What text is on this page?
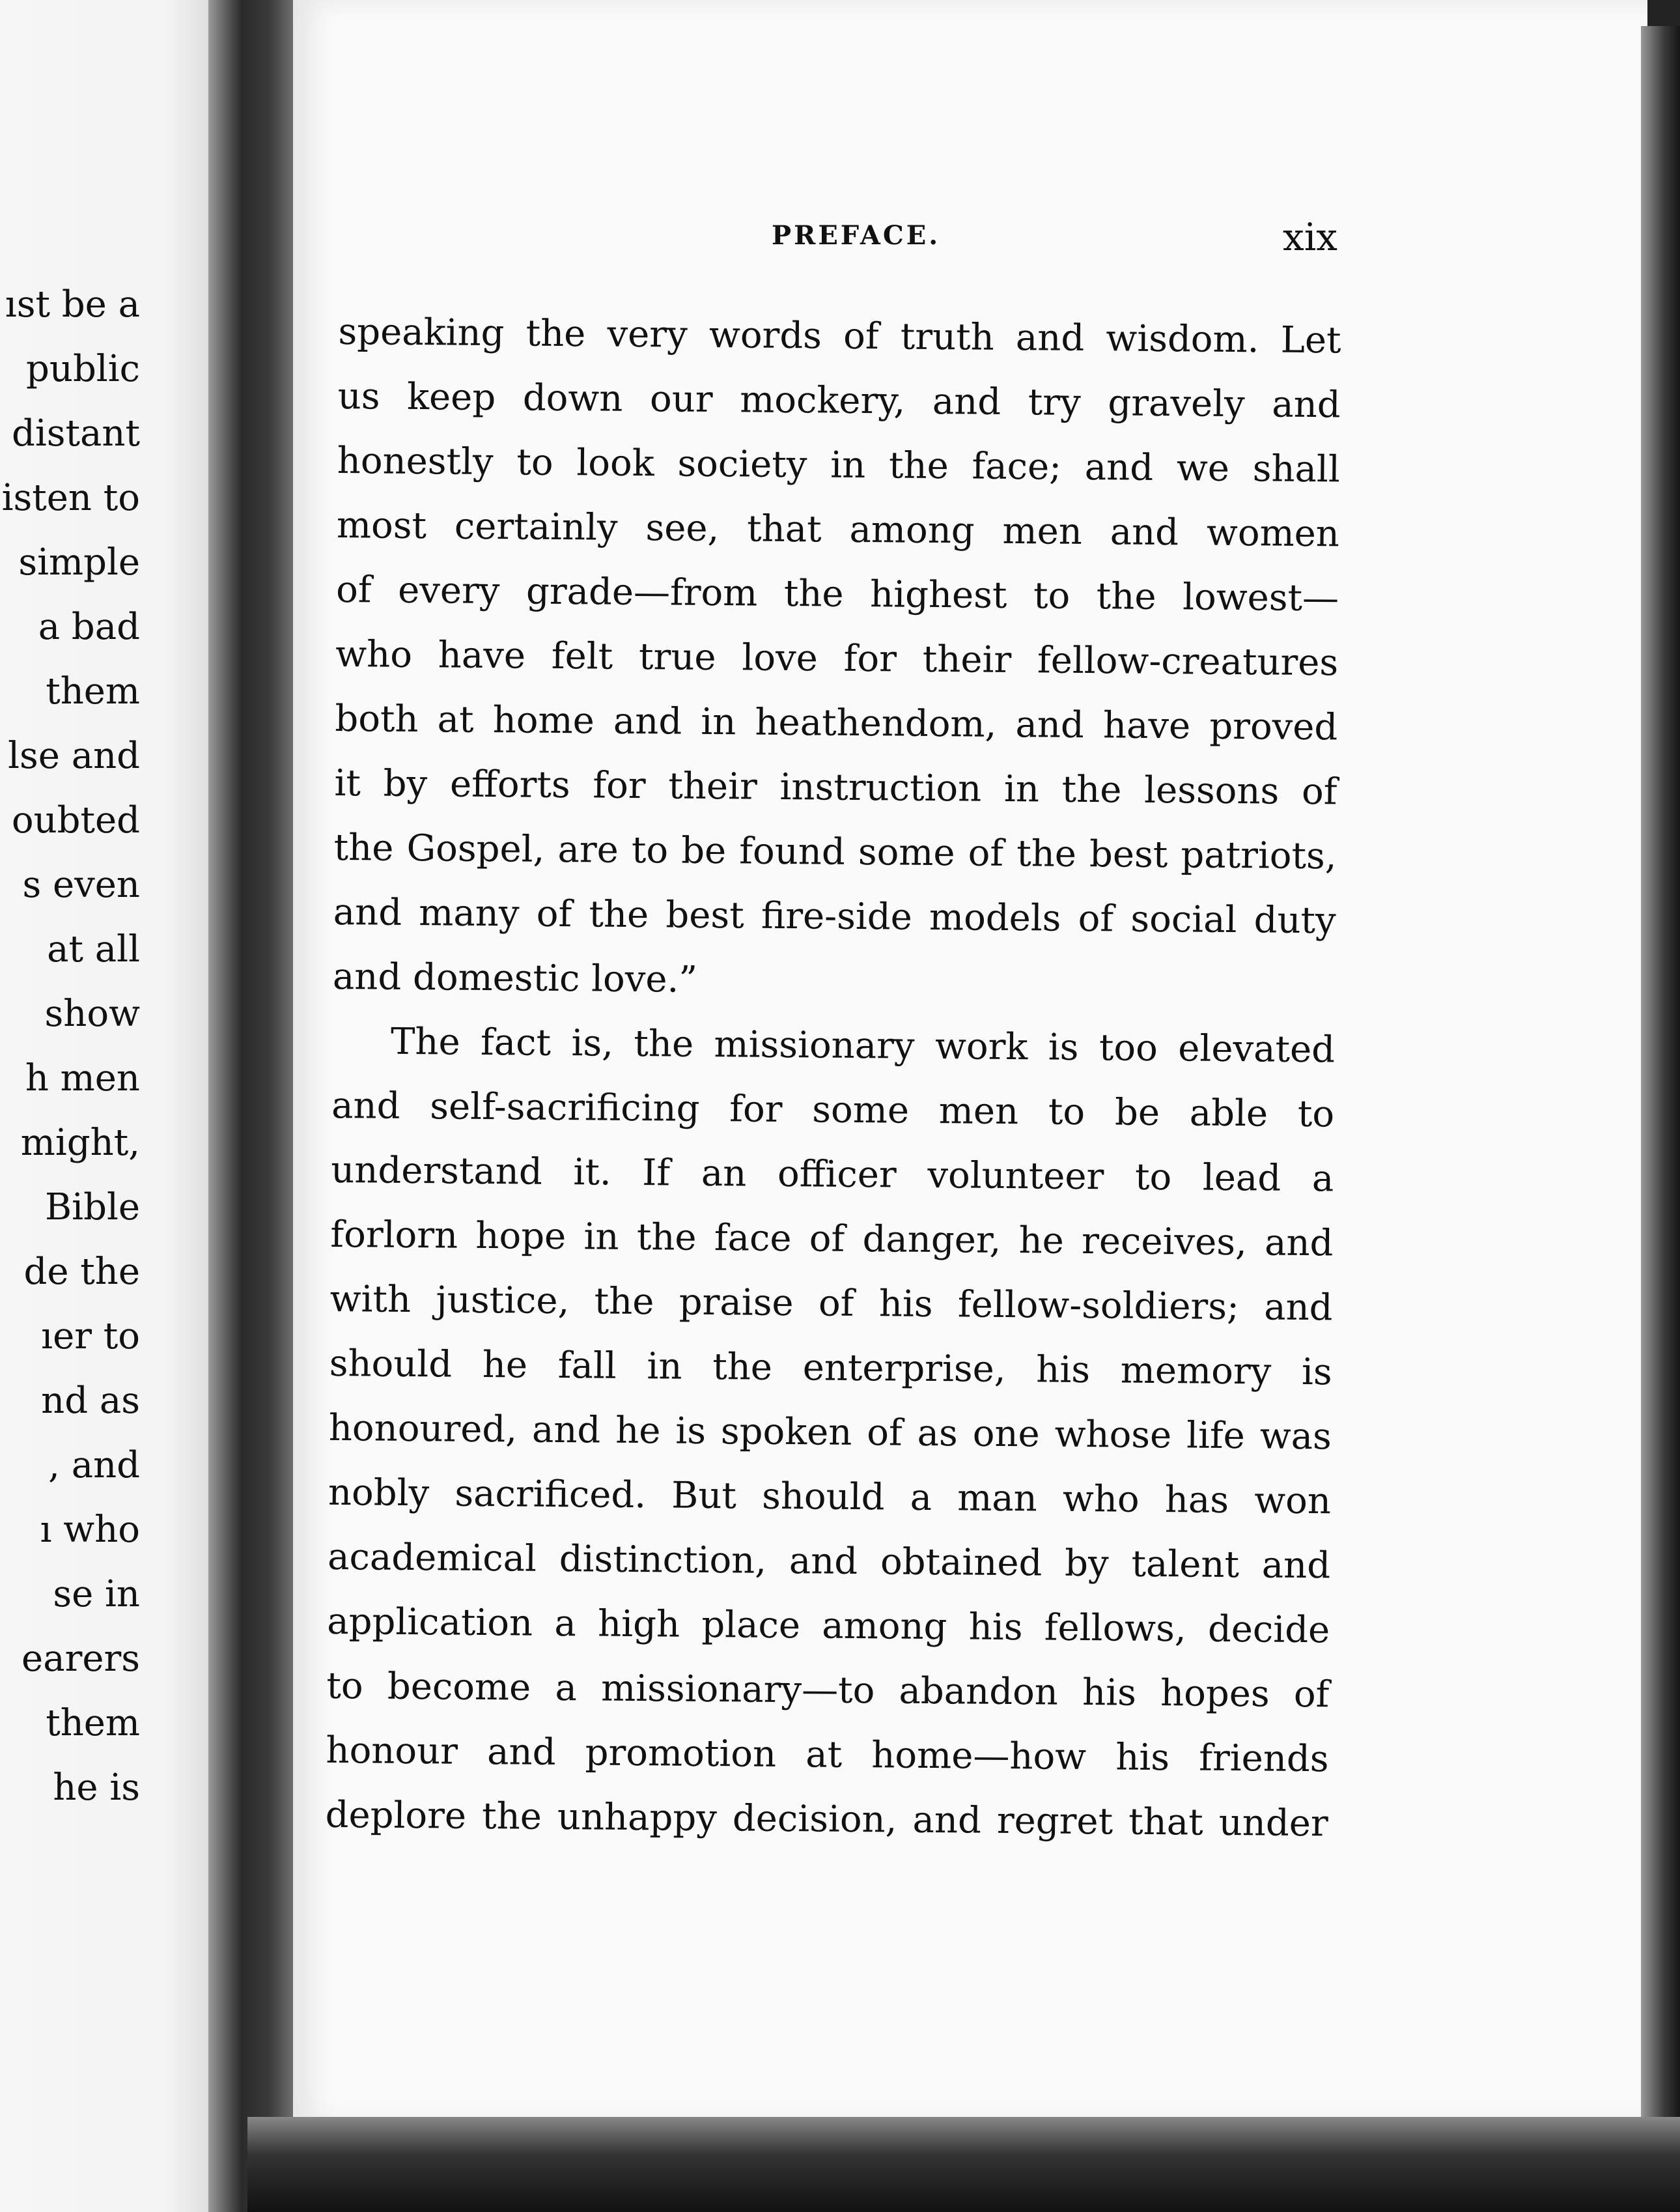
ıst be a
public
distant
isten to
simple
a bad
them
lse and
oubted
s even
at all
show
h men
might,
Bible
de the
ıer to
nd as
, and
ı who
se in
earers
them
he is
PREFACE.	xix
speaking the very words of truth and wisdom. Let
us keep down our mockery, and try gravely and
honestly to look society in the face; and we shall
most certainly see, that among men and women
of every grade—from the highest to the lowest—
who have felt true love for their fellow-creatures
both at home and in heathendom, and have proved
it by efforts for their instruction in the lessons of
the Gospel, are to be found some of the best patriots,
and many of the best fire-side models of social duty
and domestic love.”
The fact is, the missionary work is too elevated
and self-sacrificing for some men to be able to
understand it. If an officer volunteer to lead a
forlorn hope in the face of danger, he receives, and
with justice, the praise of his fellow-soldiers; and
should he fall in the enterprise, his memory is
honoured, and he is spoken of as one whose life was
nobly sacrificed. But should a man who has won
academical distinction, and obtained by talent and
application a high place among his fellows, decide
to become a missionary—to abandon his hopes of
honour and promotion at home—how his friends
deplore the unhappy decision, and regret that under
